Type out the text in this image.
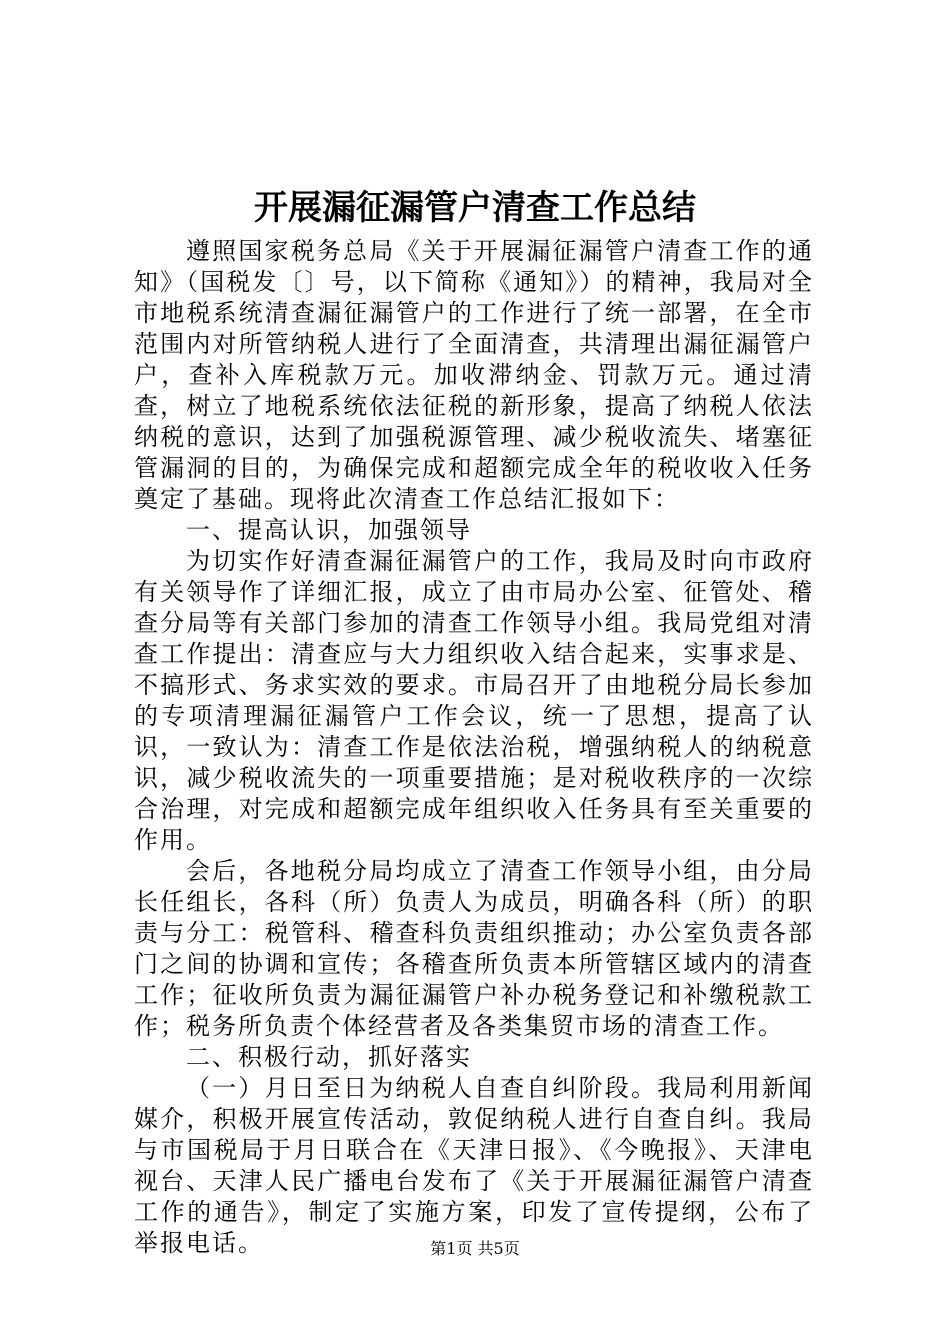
开展漏征漏管户清查工作总结

遵照国家税务总局《关于开展漏征漏管户清查工作的通知》（国税发〔〕号，以下简称《通知》）的精神，我局对全市地税系统清查漏征漏管户的工作进行了统一部署，在全市范围内对所管纳税人进行了全面清查，共清理出漏征漏管户户，查补入库税款万元。加收滞纳金、罚款万元。通过清查，树立了地税系统依法征税的新形象，提高了纳税人依法纳税的意识，达到了加强税源管理、减少税收流失、堵塞征管漏洞的目的，为确保完成和超额完成全年的税收收入任务奠定了基础。现将此次清查工作总结汇报如下：

一、提高认识，加强领导

为切实作好清查漏征漏管户的工作，我局及时向市政府有关领导作了详细汇报，成立了由市局办公室、征管处、稽查分局等有关部门参加的清查工作领导小组。我局党组对清查工作提出：清查应与大力组织收入结合起来，实事求是、不搞形式、务求实效的要求。市局召开了由地税分局长参加的专项清理漏征漏管户工作会议，统一了思想，提高了认识，一致认为：清查工作是依法治税，增强纳税人的纳税意识，减少税收流失的一项重要措施；是对税收秩序的一次综合治理，对完成和超额完成年组织收入任务具有至关重要的作用。

会后，各地税分局均成立了清查工作领导小组，由分局长任组长，各科（所）负责人为成员，明确各科（所）的职责与分工：税管科、稽查科负责组织推动；办公室负责各部门之间的协调和宣传；各稽查所负责本所管辖区域内的清查工作；征收所负责为漏征漏管户补办税务登记和补缴税款工作；税务所负责个体经营者及各类集贸市场的清查工作。

二、积极行动，抓好落实

（一）月日至日为纳税人自查自纠阶段。我局利用新闻媒介，积极开展宣传活动，敦促纳税人进行自查自纠。我局与市国税局于月日联合在《天津日报》、《今晚报》、天津电视台、天津人民广播电台发布了《关于开展漏征漏管户清查工作的通告》，制定了实施方案，印发了宣传提纲，公布了举报电话。	第1页 共5页
